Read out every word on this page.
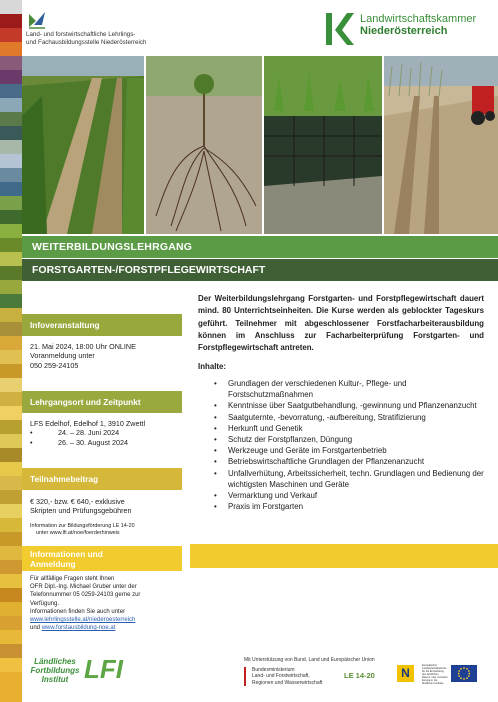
Land- und forstwirtschaftliche Lehrlings-
und Fachausbildungsstelle Niederösterreich
Landwirtschaftskammer
Niederösterreich
WEITERBILDUNGSLEHRGANG
FORSTGARTEN-/FORSTPFLEGEWIRTSCHAFT
Infoveranstaltung
21. Mai 2024, 18:00 Uhr ONLINE
Voranmeldung unter
050 259-24105
Lehrgangsort und Zeitpunkt
LFS Edelhof, Edelhof 1, 3910 Zwettl
•	24. – 28. Juni 2024
•	26. – 30. August 2024
Teilnahmebeitrag
€ 320,- bzw. € 640,- exklusive
Skripten und Prüfungsgebühren
Information zur Bildungsförderung LE 14-20
unter www.lfi.at/noe/foerderhinweis
Informationen und
Anmeldung
Für allfällige Fragen steht Ihnen
OFR Dipl.-Ing. Michael Gruber unter der
Telefonnummer 05 0259-24103 gerne zur
Verfügung.
Informationen finden Sie auch unter
www.lehrlingsstelle.at/niederoesterreich
und www.forstausbildung-noe.at
Der Weiterbildungslehrgang Forstgarten- und Forstpflegewirtschaft dauert mind. 80 Unterrichtseinheiten. Die Kurse werden als geblockter Tageskurs geführt. Teilnehmer mit abgeschlossener Forstfacharbeiterausbildung können im Anschluss zur Facharbeiterprüfung Forstgarten- und Forstpflegewirtschaft antreten.
Inhalte:
• Grundlagen der verschiedenen Kultur-, Pflege- und Forstschutzmaßnahmen
• Kenntnisse über Saatgutbehandlung, -gewinnung und Pflanzenanzucht
• Saatguternte, -bevorratung, -aufbereitung, Stratifizierung
• Herkunft und Genetik
• Schutz der Forstpflanzen, Düngung
• Werkzeuge und Geräte im Forstgartenbetrieb
• Betriebswirtschaftliche Grundlagen der Pflanzenanzucht
• Unfallverhütung, Arbeitssicherheit, techn. Grundlagen und Bedienung der wichtigsten Maschinen und Geräte
• Vermarktung und Verkauf
• Praxis im Forstgarten
Ländliches Fortbildungs Institut LFI	Mit Unterstützung von Bund, Land und Europäischer Union
Bundesministerium
Land- und Forstwirtschaft,
Regionen und Wasserwirtschaft
LE 14-20	N
Europäischer Landwirtschaftsfonds für die Entwicklung des ländlichen Raums: Hier investiert Europa in die ländlichen Gebiete
